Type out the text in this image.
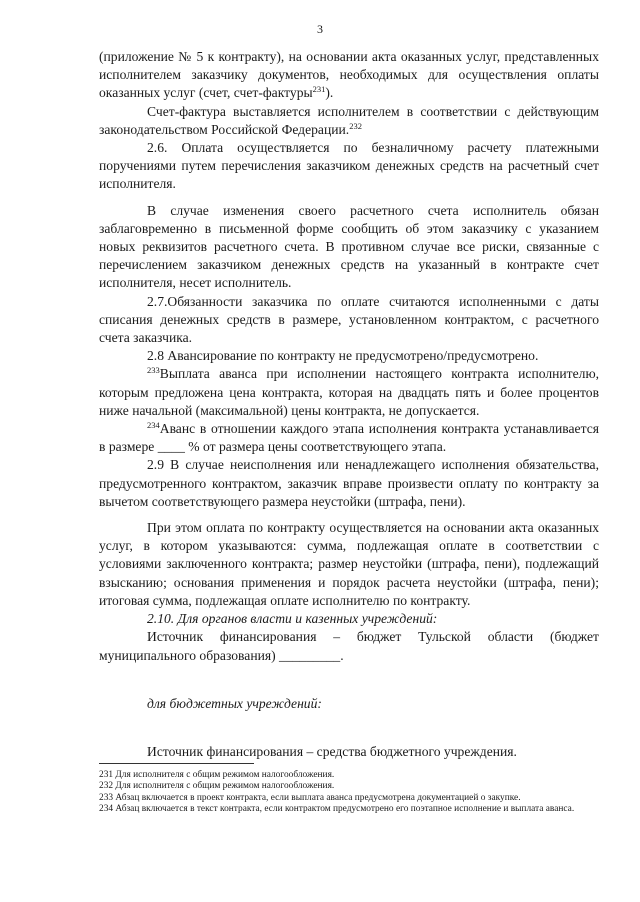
3

(приложение № 5 к контракту), на основании акта оказанных услуг, представленных исполнителем заказчику документов, необходимых для осуществления оплаты оказанных услуг (счет, счет-фактуры$^{231}$).

Счет-фактура выставляется исполнителем в соответствии с действующим законодательством Российской Федерации.$^{232}$

2.6. Оплата осуществляется по безналичному расчету платежными поручениями путем перечисления заказчиком денежных средств на расчетный счет исполнителя.

В случае изменения своего расчетного счета исполнитель обязан заблаговременно в письменной форме сообщить об этом заказчику с указанием новых реквизитов расчетного счета. В противном случае все риски, связанные с перечислением заказчиком денежных средств на указанный в контракте счет исполнителя, несет исполнитель.

2.7.Обязанности заказчика по оплате считаются исполненными с даты списания денежных средств в размере, установленном контрактом, с расчетного счета заказчика.

2.8 Авансирование по контракту не предусмотрено/предусмотрено.

$^{233}$Выплата аванса при исполнении настоящего контракта исполнителю, которым предложена цена контракта, которая на двадцать пять и более процентов ниже начальной (максимальной) цены контракта, не допускается.

$^{234}$Аванс в отношении каждого этапа исполнения контракта устанавливается в размере ____ % от размера цены соответствующего этапа.

2.9 В случае неисполнения или ненадлежащего исполнения обязательства, предусмотренного контрактом, заказчик вправе произвести оплату по контракту за вычетом соответствующего размера неустойки (штрафа, пени).

При этом оплата по контракту осуществляется на основании акта оказанных услуг, в котором указываются: сумма, подлежащая оплате в соответствии с условиями заключенного контракта; размер неустойки (штрафа, пени), подлежащий взысканию; основания применения и порядок расчета неустойки (штрафа, пени); итоговая сумма, подлежащая оплате исполнителю по контракту.

2.10. Для органов власти и казенных учреждений:

Источник финансирования – бюджет Тульской области (бюджет муниципального образования) _________.

для бюджетных учреждений:

Источник финансирования – средства бюджетного учреждения.

231 Для исполнителя с общим режимом налогообложения.

232 Для исполнителя с общим режимом налогообложения.

233 Абзац включается в проект контракта, если выплата аванса предусмотрена документацией о закупке.

234 Абзац включается в текст контракта, если контрактом предусмотрено его поэтапное исполнение и выплата аванса.
